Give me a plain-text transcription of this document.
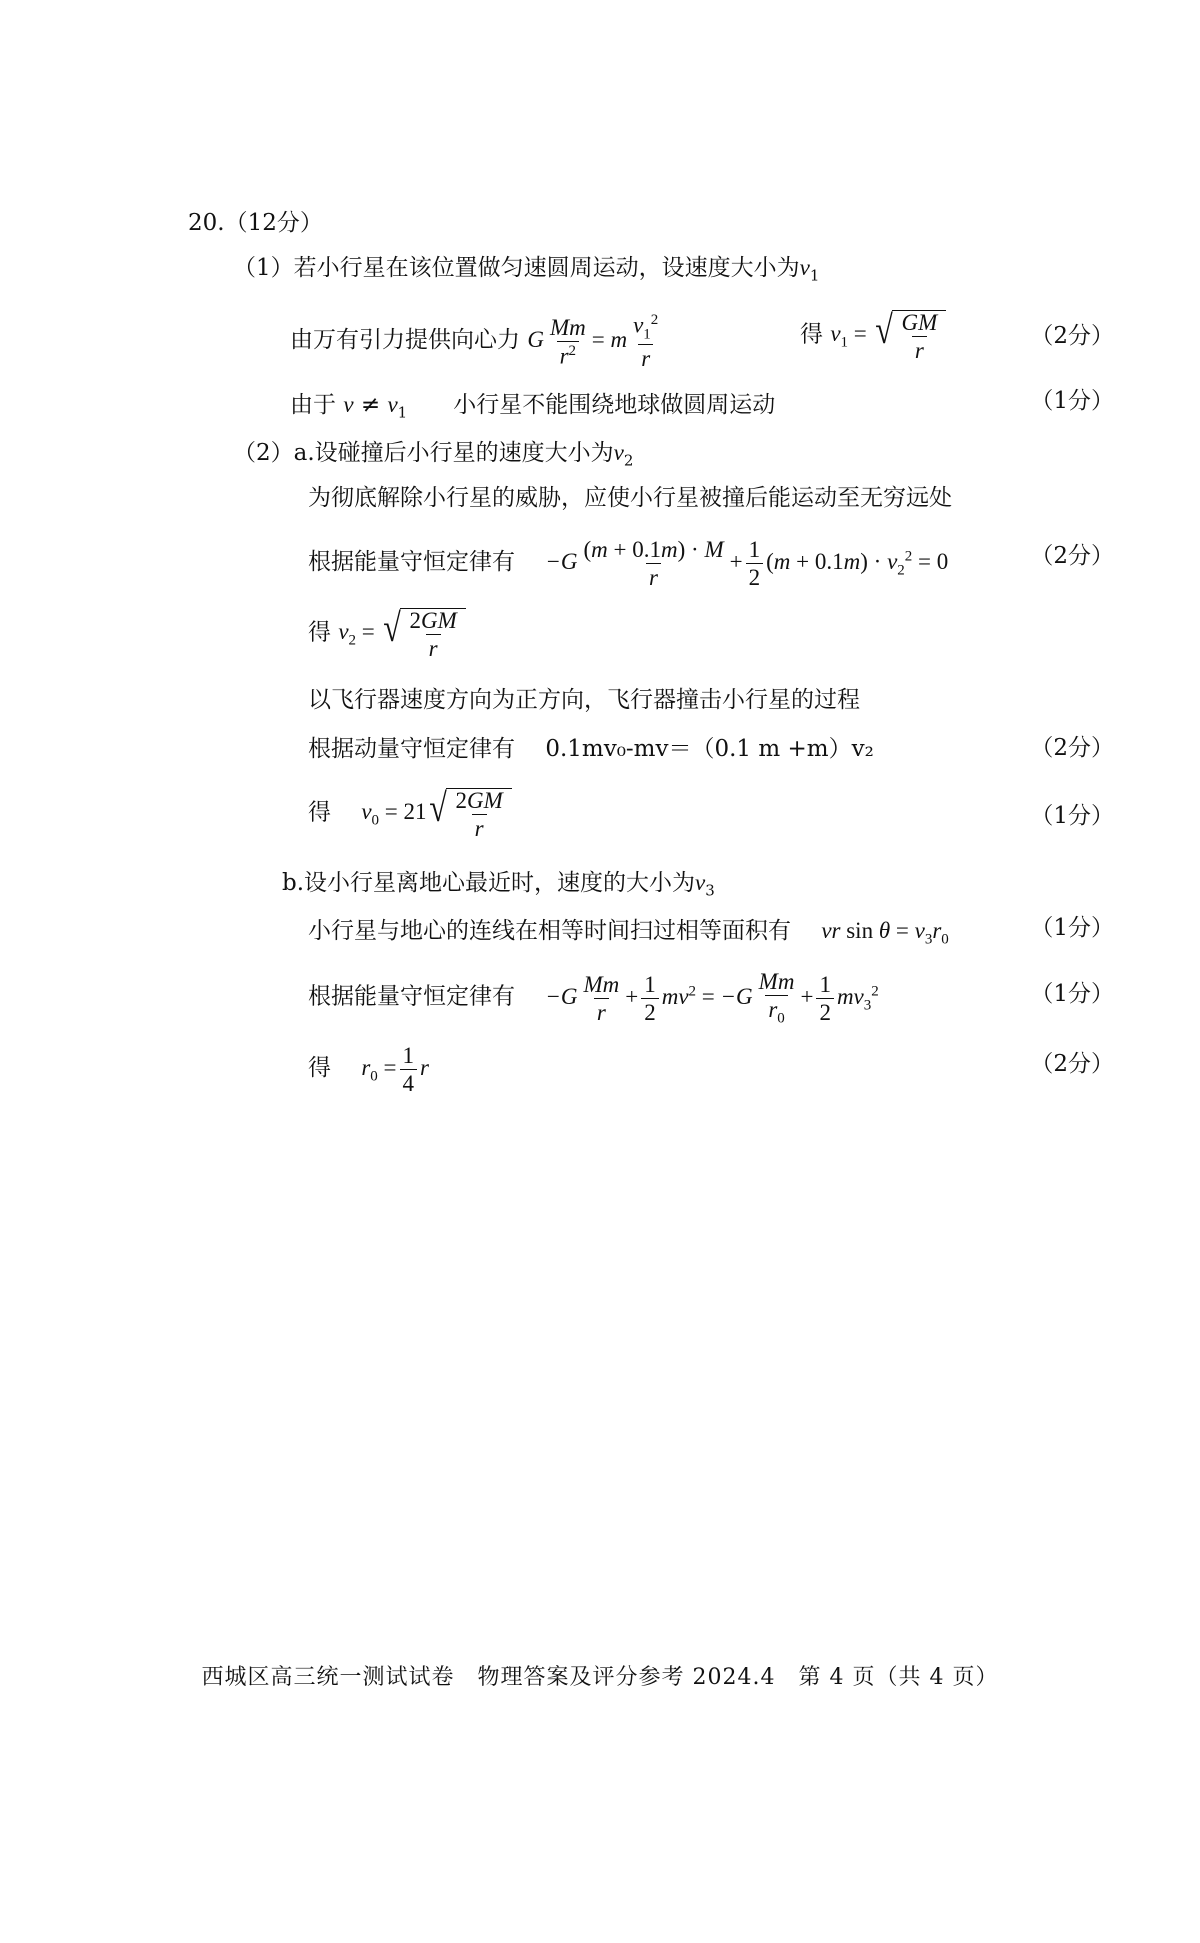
20.（12分）
（1）若小行星在该位置做匀速圆周运动，设速度大小为$v_1$
由万有引力提供向心力 G $\frac{Mm}{r^2} = m \frac{v_1^2}{r}$	得 $v_1$ = √ $\frac{GM}{r}$	（2分）
由于 $v \ne v_1$　　 小行星不能围绕地球做圆周运动	（1分）
（2）a.设碰撞后小行星的速度大小为$v_2$
为彻底解除小行星的威胁，应使小行星被撞后能运动至无穷远处
根据能量守恒定律有　 $-G \frac{(m + 0.1m) \cdot M}{r} + \frac{1}{2} (m + 0.1m) \cdot v_2^2 = 0$	（2分）
得 $v_2$ = √ $\frac{2GM}{r}$
以飞行器速度方向为正方向，飞行器撞击小行星的过程
根据动量守恒定律有　 0.1mv₀-mv＝（0.1 m +m）v₂	（2分）
得　 $v_0 = 21$ √ $\frac{2GM}{r}$	（1分）
b.设小行星离地心最近时，速度的大小为$v_3$
小行星与地心的连线在相等时间扫过相等面积有　 vr $\sin \theta = v_3r_0$	（1分）
根据能量守恒定律有　 $-G \frac{Mm}{r} + \frac{1}{2} mv^2 = -G \frac{Mm}{r_0} + \frac{1}{2} mv_3^2$	（1分）
得　 $r_0 = \frac{1}{4}$ r	（2分）
西城区高三统一测试试卷　物理答案及评分参考 2024.4　第 4 页（共 4 页）
